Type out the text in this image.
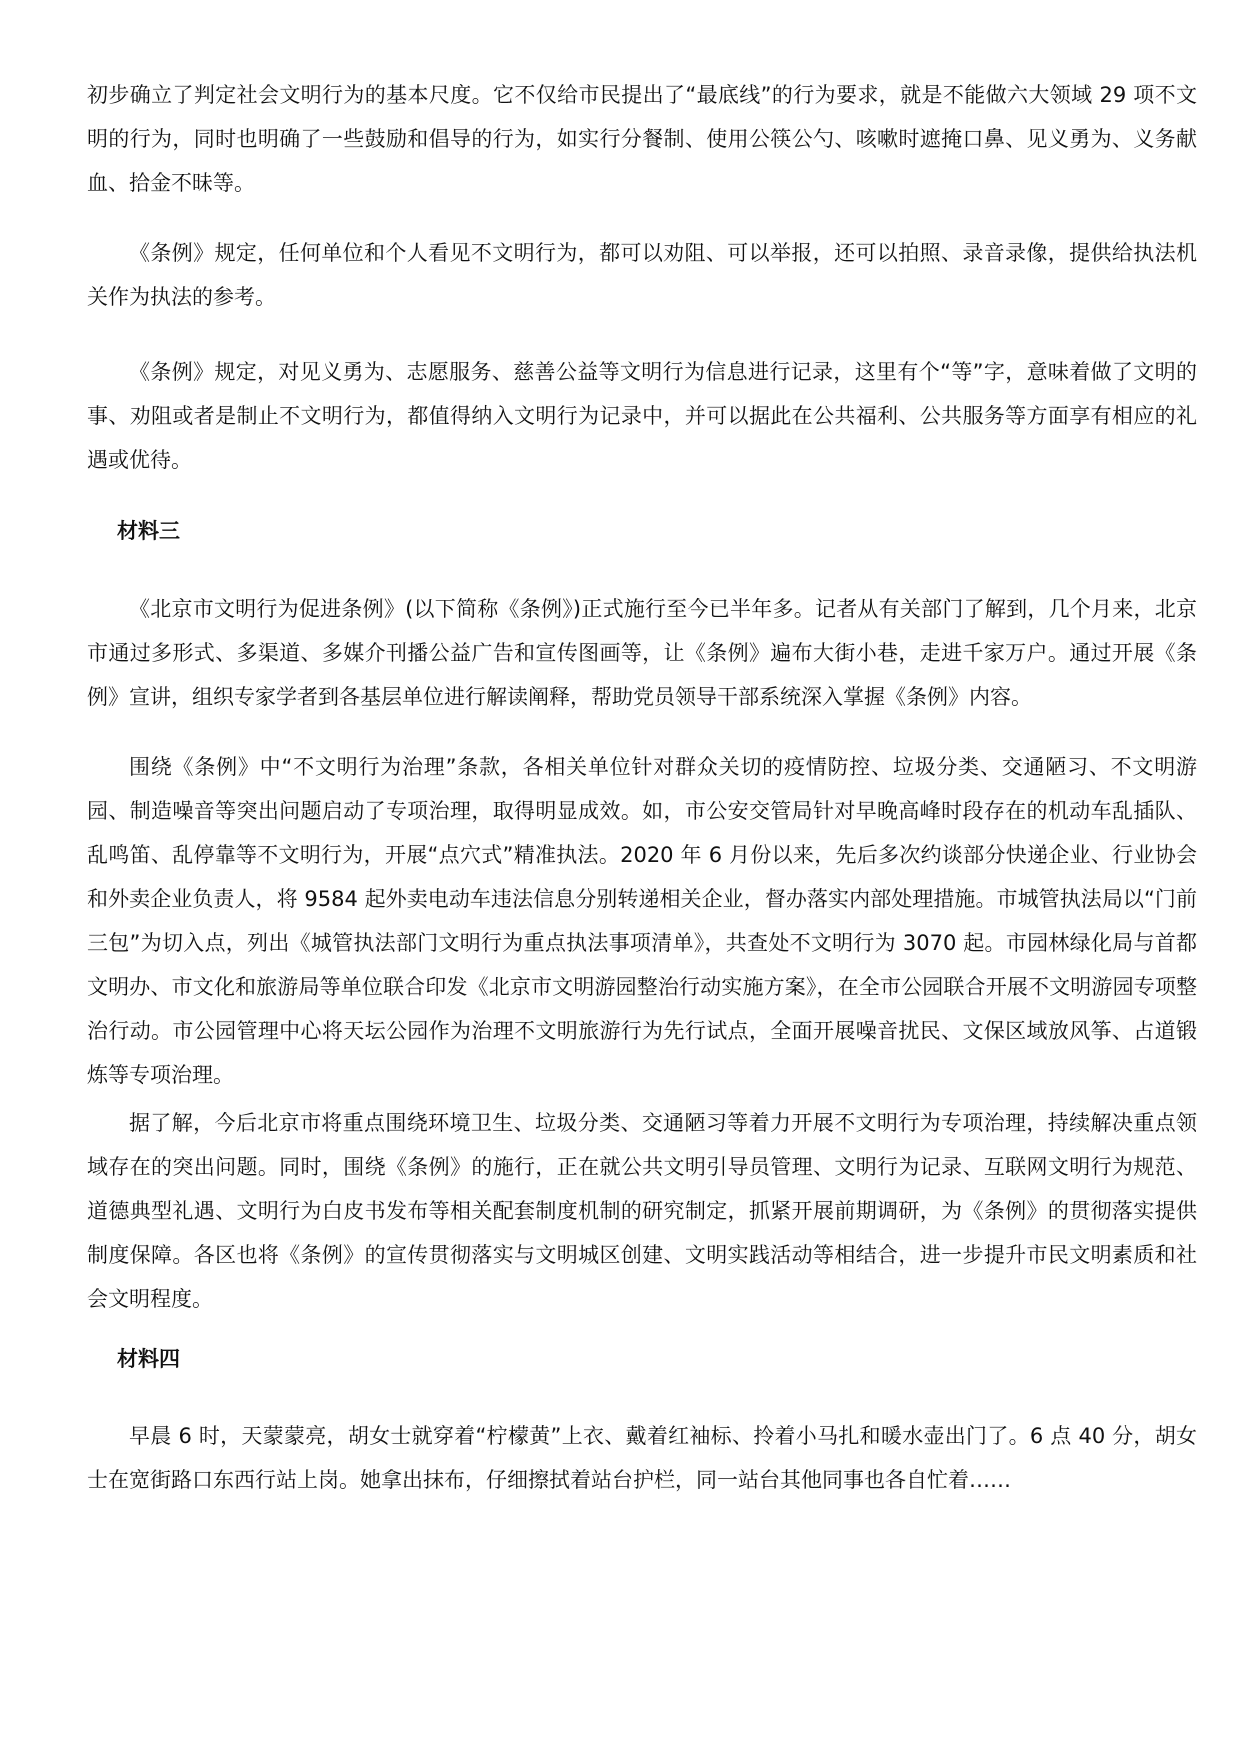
初步确立了判定社会文明行为的基本尺度。它不仅给市民提出了“最底线”的行为要求，就是不能做六大领域 29 项不文明的行为，同时也明确了一些鼓励和倡导的行为，如实行分餐制、使用公筷公勺、咳嗽时遮掩口鼻、见义勇为、义务献血、拾金不昧等。

《条例》规定，任何单位和个人看见不文明行为，都可以劝阻、可以举报，还可以拍照、录音录像，提供给执法机关作为执法的参考。

《条例》规定，对见义勇为、志愿服务、慈善公益等文明行为信息进行记录，这里有个“等”字，意味着做了文明的事、劝阻或者是制止不文明行为，都值得纳入文明行为记录中，并可以据此在公共福利、公共服务等方面享有相应的礼遇或优待。

材料三

《北京市文明行为促进条例》(以下简称《条例》)正式施行至今已半年多。记者从有关部门了解到，几个月来，北京市通过多形式、多渠道、多媒介刊播公益广告和宣传图画等，让《条例》遍布大街小巷，走进千家万户。通过开展《条例》宣讲，组织专家学者到各基层单位进行解读阐释，帮助党员领导干部系统深入掌握《条例》内容。

围绕《条例》中“不文明行为治理”条款，各相关单位针对群众关切的疫情防控、垃圾分类、交通陋习、不文明游园、制造噪音等突出问题启动了专项治理，取得明显成效。如，市公安交管局针对早晚高峰时段存在的机动车乱插队、乱鸣笛、乱停靠等不文明行为，开展“点穴式”精准执法。2020 年 6 月份以来，先后多次约谈部分快递企业、行业协会和外卖企业负责人，将 9584 起外卖电动车违法信息分别转递相关企业，督办落实内部处理措施。市城管执法局以“门前三包”为切入点，列出《城管执法部门文明行为重点执法事项清单》，共查处不文明行为 3070 起。市园林绿化局与首都文明办、市文化和旅游局等单位联合印发《北京市文明游园整治行动实施方案》，在全市公园联合开展不文明游园专项整治行动。市公园管理中心将天坛公园作为治理不文明旅游行为先行试点，全面开展噪音扰民、文保区域放风筝、占道锻炼等专项治理。

据了解，今后北京市将重点围绕环境卫生、垃圾分类、交通陋习等着力开展不文明行为专项治理，持续解决重点领域存在的突出问题。同时，围绕《条例》的施行，正在就公共文明引导员管理、文明行为记录、互联网文明行为规范、道德典型礼遇、文明行为白皮书发布等相关配套制度机制的研究制定，抓紧开展前期调研，为《条例》的贯彻落实提供制度保障。各区也将《条例》的宣传贯彻落实与文明城区创建、文明实践活动等相结合，进一步提升市民文明素质和社会文明程度。

材料四

早晨 6 时，天蒙蒙亮，胡女士就穿着“柠檬黄”上衣、戴着红袖标、拎着小马扎和暖水壶出门了。6 点 40 分，胡女士在宽街路口东西行站上岗。她拿出抹布，仔细擦拭着站台护栏，同一站台其他同事也各自忙着……
